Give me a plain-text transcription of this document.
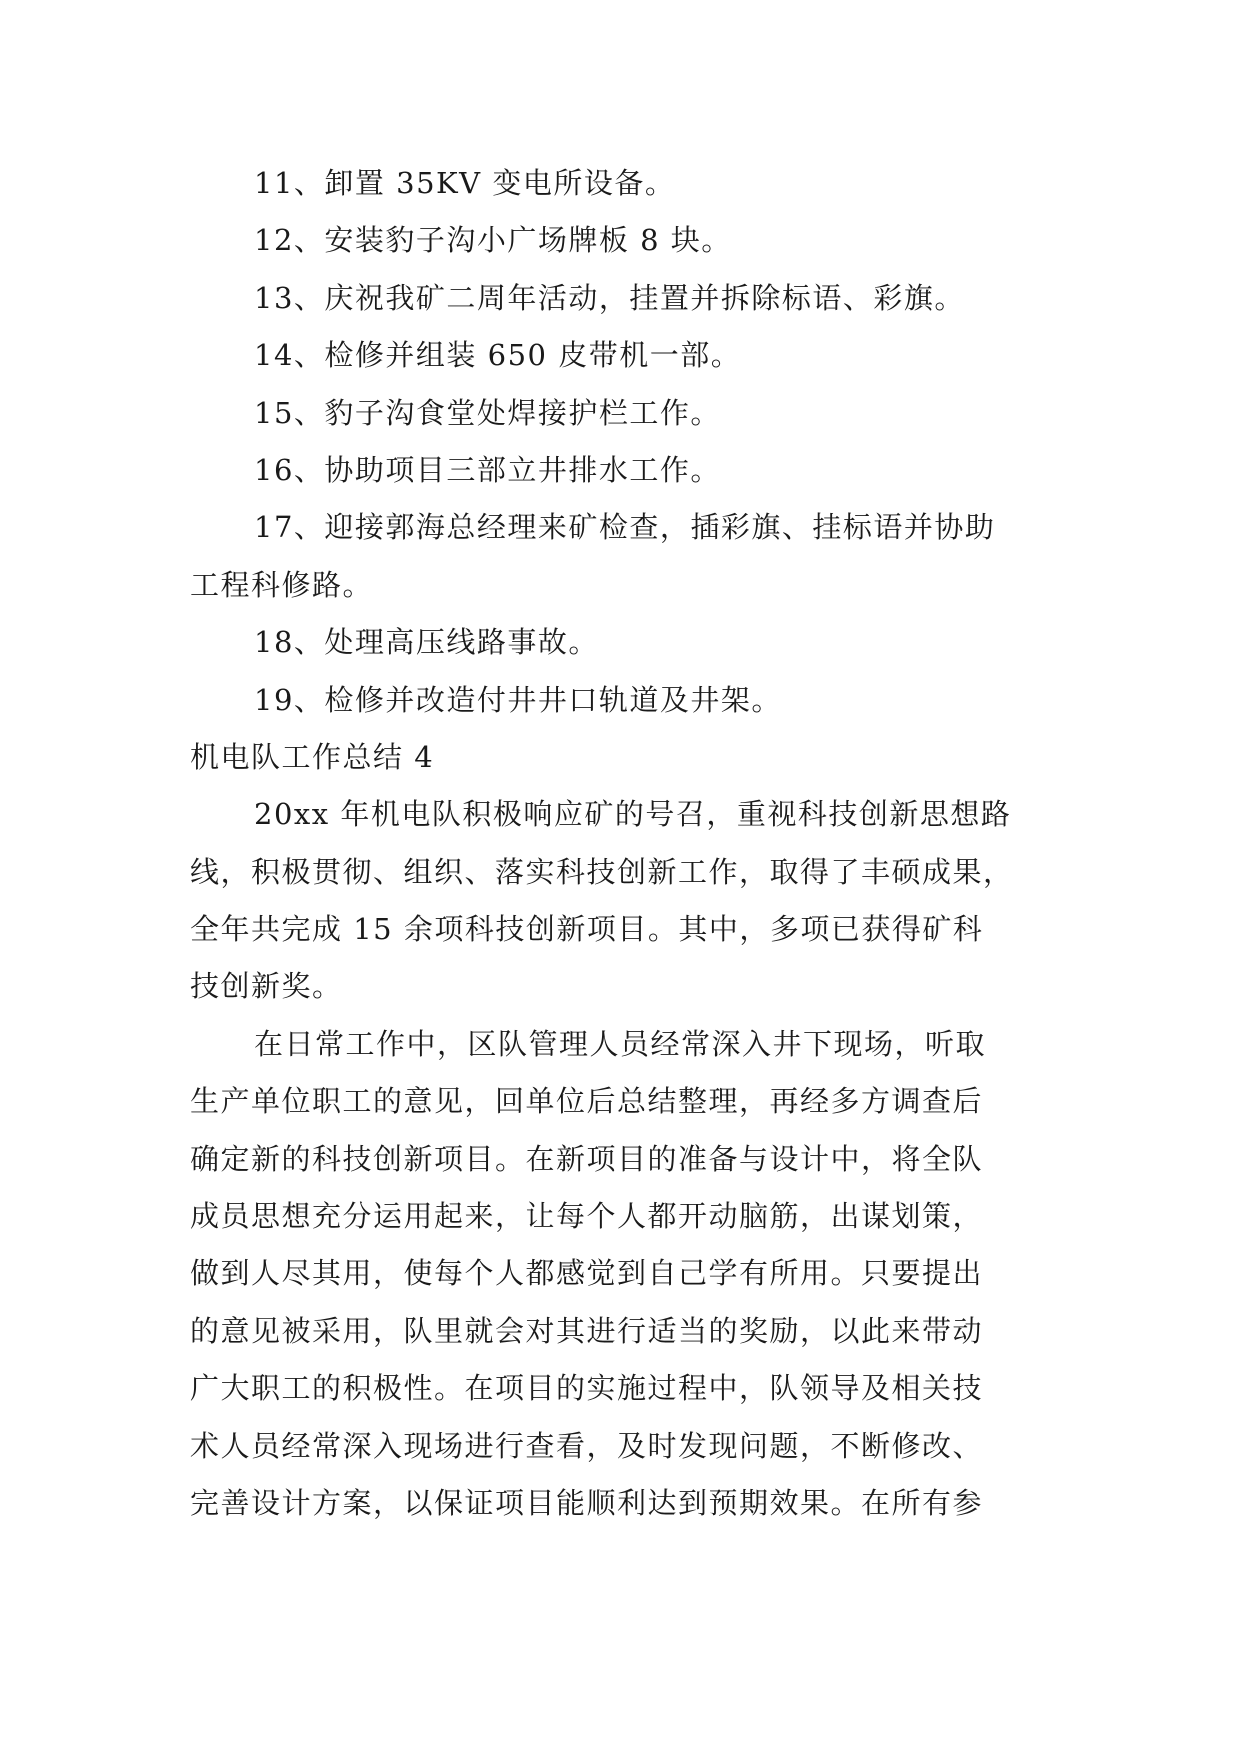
11、卸置 35KV 变电所设备。
12、安装豹子沟小广场牌板 8 块。
13、庆祝我矿二周年活动，挂置并拆除标语、彩旗。
14、检修并组装 650 皮带机一部。
15、豹子沟食堂处焊接护栏工作。
16、协助项目三部立井排水工作。
17、迎接郭海总经理来矿检查，插彩旗、挂标语并协助
工程科修路。
18、处理高压线路事故。
19、检修并改造付井井口轨道及井架。
机电队工作总结 4
20xx 年机电队积极响应矿的号召，重视科技创新思想路
线，积极贯彻、组织、落实科技创新工作，取得了丰硕成果，
全年共完成 15 余项科技创新项目。其中，多项已获得矿科
技创新奖。
在日常工作中，区队管理人员经常深入井下现场，听取
生产单位职工的意见，回单位后总结整理，再经多方调查后
确定新的科技创新项目。在新项目的准备与设计中，将全队
成员思想充分运用起来，让每个人都开动脑筋，出谋划策，
做到人尽其用，使每个人都感觉到自己学有所用。只要提出
的意见被采用，队里就会对其进行适当的奖励，以此来带动
广大职工的积极性。在项目的实施过程中，队领导及相关技
术人员经常深入现场进行查看，及时发现问题，不断修改、
完善设计方案，以保证项目能顺利达到预期效果。在所有参
